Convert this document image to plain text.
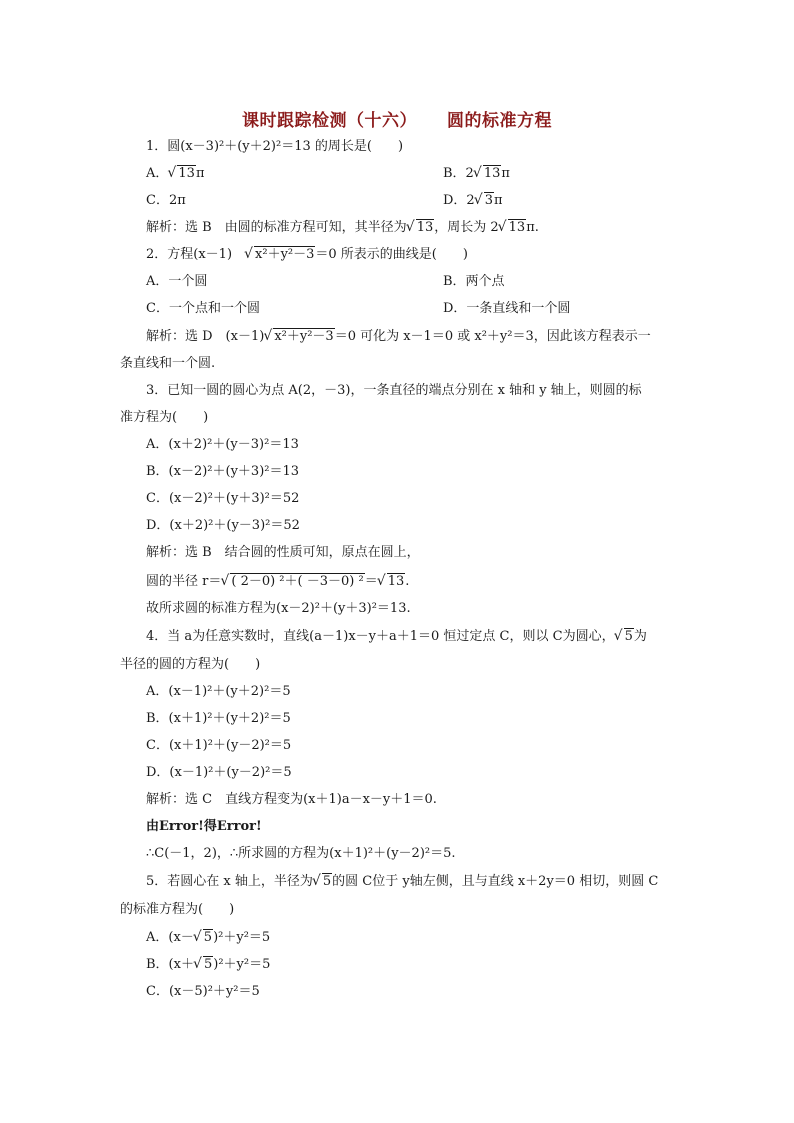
课时跟踪检测（十六） 圆的标准方程
1．圆(x－3)²＋(y＋2)²＝13 的周长是(　　)
A． √ 13π	B．2 √ 13π
C．2π	D．2 √ 3π
解析：选 B　由圆的标准方程可知，其半径为 √ 13，周长为 2 √ 13π.
2．方程(x－1)　√ x²＋y²－3＝0 所表示的曲线是(　　)
A．一个圆	B．两个点
C．一个点和一个圆	D．一条直线和一个圆
解析：选 D　(x－1) √ x²＋y²－3＝0 可化为 x－1＝0 或 x²＋y²＝3，因此该方程表示一
条直线和一个圆.
3．已知一圆的圆心为点 A(2，－3)，一条直径的端点分别在 x 轴和 y 轴上，则圆的标
准方程为(　　)
A．(x＋2)²＋(y－3)²＝13
B．(x－2)²＋(y＋3)²＝13
C．(x－2)²＋(y＋3)²＝52
D．(x＋2)²＋(y－3)²＝52
解析：选 B　结合圆的性质可知，原点在圆上，
圆的半径 r＝ √ ( 2－0) ²＋( －3－0) ²＝ √ 13.
故所求圆的标准方程为(x－2)²＋(y＋3)²＝13.
4．当 a为任意实数时，直线(a－1)x－y＋a＋1＝0 恒过定点 C，则以 C为圆心， √ 5为
半径的圆的方程为(　　)
A．(x－1)²＋(y＋2)²＝5
B．(x＋1)²＋(y＋2)²＝5
C．(x＋1)²＋(y－2)²＝5
D．(x－1)²＋(y－2)²＝5
解析：选 C　直线方程变为(x＋1)a－x－y＋1＝0.
由Error!得Error!
∴C(－1，2)，∴所求圆的方程为(x＋1)²＋(y－2)²＝5.
5．若圆心在 x 轴上，半径为 √ 5的圆 C位于 y轴左侧，且与直线 x＋2y＝0 相切，则圆 C
的标准方程为(　　)
A．(x－ √ 5)²＋y²＝5
B．(x＋ √ 5)²＋y²＝5
C．(x－5)²＋y²＝5
